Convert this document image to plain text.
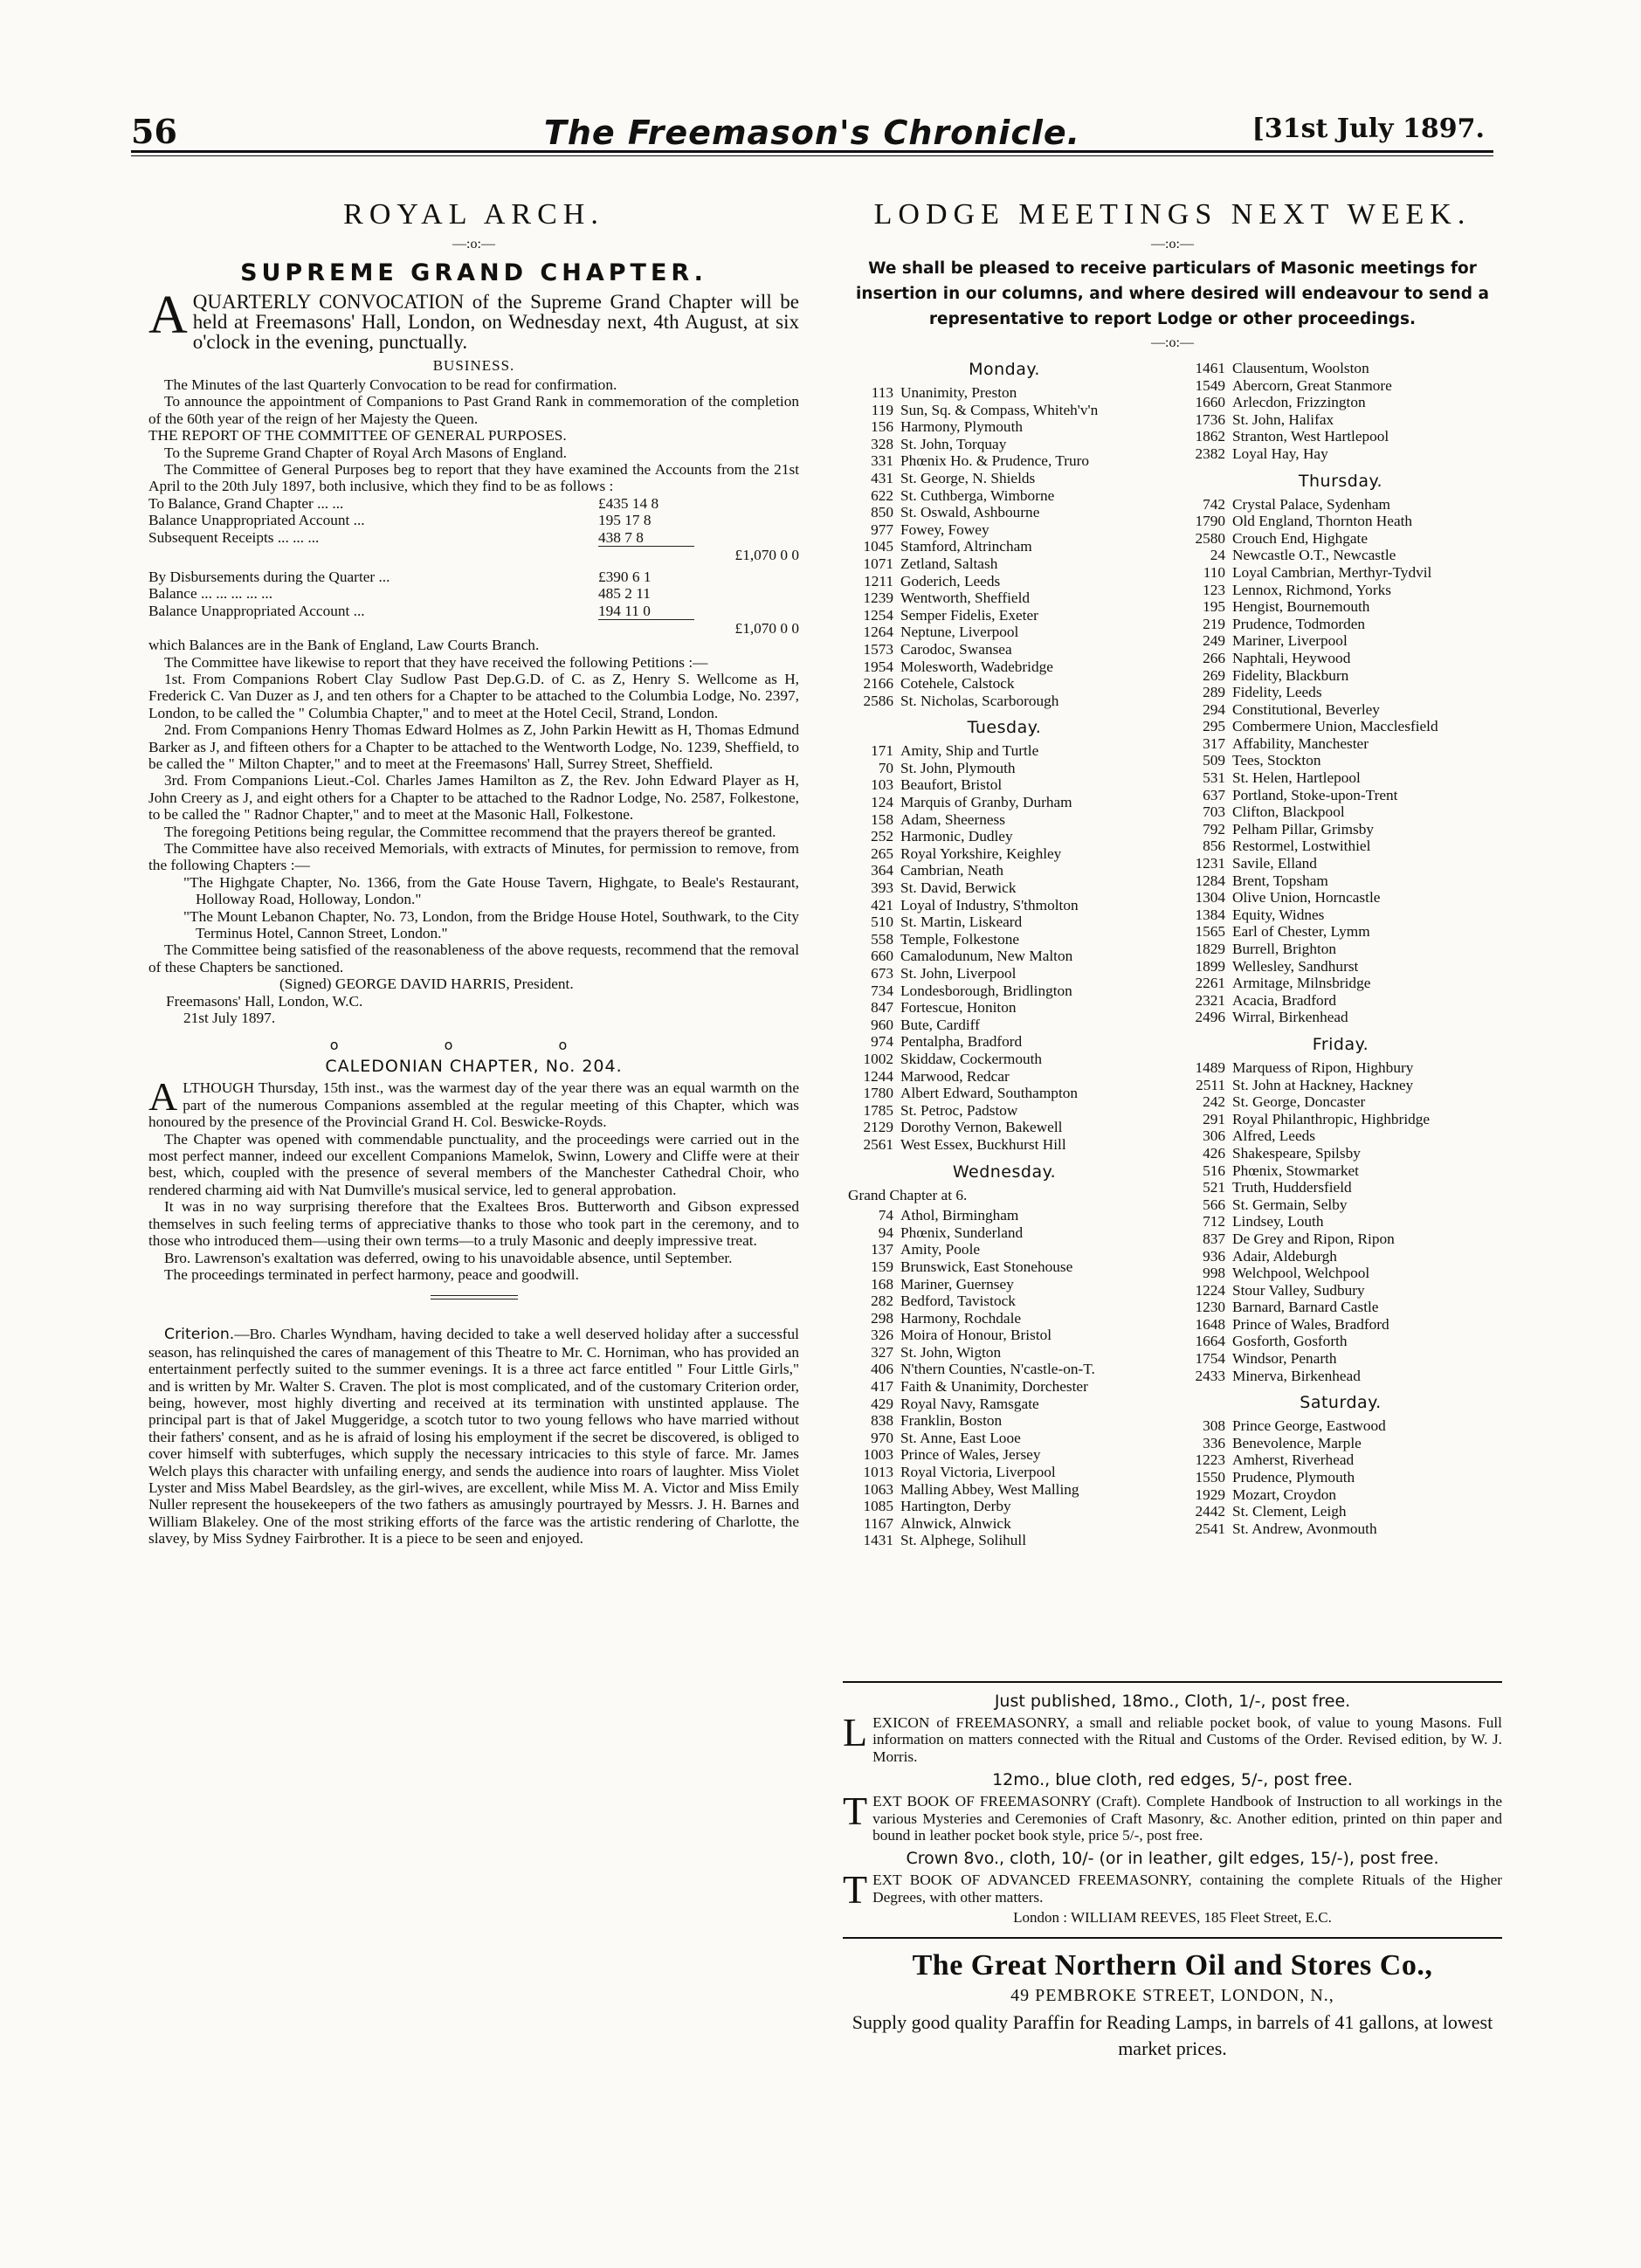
56	The Freemason's Chronicle.	[31st July 1897.
ROYAL ARCH.
—:o:—
SUPREME GRAND CHAPTER.

AQUARTERLY CONVOCATION of the Supreme Grand Chapter will be held at Freemasons' Hall, London, on Wednesday next, 4th August, at six o'clock in the evening, punctually.

BUSINESS.

The Minutes of the last Quarterly Convocation to be read for confirmation.

To announce the appointment of Companions to Past Grand Rank in commemoration of the completion of the 60th year of the reign of her Majesty the Queen.

THE REPORT OF THE COMMITTEE OF GENERAL PURPOSES.

To the Supreme Grand Chapter of Royal Arch Masons of England.

The Committee of General Purposes beg to report that they have examined the Accounts from the 21st April to the 20th July 1897, both inclusive, which they find to be as follows :

To Balance, Grand Chapter ... ...	£435 14 8	
Balance Unappropriated Account ...	195 17 8	
Subsequent Receipts ... ... ...	438 7 8	
		£1,070 0 0
By Disbursements during the Quarter ...	£390 6 1	
Balance ... ... ... ... ...	485 2 11	
Balance Unappropriated Account ...	194 11 0	
		£1,070 0 0

which Balances are in the Bank of England, Law Courts Branch.

The Committee have likewise to report that they have received the following Petitions :—

1st. From Companions Robert Clay Sudlow Past Dep.G.D. of C. as Z, Henry S. Wellcome as H, Frederick C. Van Duzer as J, and ten others for a Chapter to be attached to the Columbia Lodge, No. 2397, London, to be called the " Columbia Chapter," and to meet at the Hotel Cecil, Strand, London.

2nd. From Companions Henry Thomas Edward Holmes as Z, John Parkin Hewitt as H, Thomas Edmund Barker as J, and fifteen others for a Chapter to be attached to the Wentworth Lodge, No. 1239, Sheffield, to be called the " Milton Chapter," and to meet at the Freemasons' Hall, Surrey Street, Sheffield.

3rd. From Companions Lieut.-Col. Charles James Hamilton as Z, the Rev. John Edward Player as H, John Creery as J, and eight others for a Chapter to be attached to the Radnor Lodge, No. 2587, Folkestone, to be called the " Radnor Chapter," and to meet at the Masonic Hall, Folkestone.

The foregoing Petitions being regular, the Committee recommend that the prayers thereof be granted.

The Committee have also received Memorials, with extracts of Minutes, for permission to remove, from the following Chapters :—

"The Highgate Chapter, No. 1366, from the Gate House Tavern, Highgate, to Beale's Restaurant, Holloway Road, Holloway, London."

"The Mount Lebanon Chapter, No. 73, London, from the Bridge House Hotel, Southwark, to the City Terminus Hotel, Cannon Street, London."

The Committee being satisfied of the reasonableness of the above requests, recommend that the removal of these Chapters be sanctioned.

(Signed) GEORGE DAVID HARRIS, President.

Freemasons' Hall, London, W.C.

21st July 1897.

o o o
CALEDONIAN CHAPTER, No. 204.

ALTHOUGH Thursday, 15th inst., was the warmest day of the year there was an equal warmth on the part of the numerous Companions assembled at the regular meeting of this Chapter, which was honoured by the presence of the Provincial Grand H. Col. Beswicke-Royds.

The Chapter was opened with commendable punctuality, and the proceedings were carried out in the most perfect manner, indeed our excellent Companions Mamelok, Swinn, Lowery and Cliffe were at their best, which, coupled with the presence of several members of the Manchester Cathedral Choir, who rendered charming aid with Nat Dumville's musical service, led to general approbation.

It was in no way surprising therefore that the Exaltees Bros. Butterworth and Gibson expressed themselves in such feeling terms of appreciative thanks to those who took part in the ceremony, and to those who introduced them—using their own terms—to a truly Masonic and deeply impressive treat.

Bro. Lawrenson's exaltation was deferred, owing to his unavoidable absence, until September.

The proceedings terminated in perfect harmony, peace and goodwill.

Criterion.—Bro. Charles Wyndham, having decided to take a well deserved holiday after a successful season, has relinquished the cares of management of this Theatre to Mr. C. Horniman, who has provided an entertainment perfectly suited to the summer evenings. It is a three act farce entitled " Four Little Girls," and is written by Mr. Walter S. Craven. The plot is most complicated, and of the customary Criterion order, being, however, most highly diverting and received at its termination with unstinted applause. The principal part is that of Jakel Muggeridge, a scotch tutor to two young fellows who have married without their fathers' consent, and as he is afraid of losing his employment if the secret be discovered, is obliged to cover himself with subterfuges, which supply the necessary intricacies to this style of farce. Mr. James Welch plays this character with unfailing energy, and sends the audience into roars of laughter. Miss Violet Lyster and Miss Mabel Beardsley, as the girl-wives, are excellent, while Miss M. A. Victor and Miss Emily Nuller represent the housekeepers of the two fathers as amusingly pourtrayed by Messrs. J. H. Barnes and William Blakeley. One of the most striking efforts of the farce was the artistic rendering of Charlotte, the slavey, by Miss Sydney Fairbrother. It is a piece to be seen and enjoyed.

LODGE MEETINGS NEXT WEEK.
—:o:—

We shall be pleased to receive particulars of Masonic meetings for insertion in our columns, and where desired will endeavour to send a representative to report Lodge or other proceedings.

—:o:—
Monday.
113 Unanimity, Preston
119 Sun, Sq. & Compass, Whiteh'v'n
156 Harmony, Plymouth
328 St. John, Torquay
331 Phœnix Ho. & Prudence, Truro
431 St. George, N. Shields
622 St. Cuthberga, Wimborne
850 St. Oswald, Ashbourne
977 Fowey, Fowey
1045 Stamford, Altrincham
1071 Zetland, Saltash
1211 Goderich, Leeds
1239 Wentworth, Sheffield
1254 Semper Fidelis, Exeter
1264 Neptune, Liverpool
1573 Carodoc, Swansea
1954 Molesworth, Wadebridge
2166 Cotehele, Calstock
2586 St. Nicholas, Scarborough
Tuesday.
171 Amity, Ship and Turtle
70 St. John, Plymouth
103 Beaufort, Bristol
124 Marquis of Granby, Durham
158 Adam, Sheerness
252 Harmonic, Dudley
265 Royal Yorkshire, Keighley
364 Cambrian, Neath
393 St. David, Berwick
421 Loyal of Industry, S'thmolton
510 St. Martin, Liskeard
558 Temple, Folkestone
660 Camalodunum, New Malton
673 St. John, Liverpool
734 Londesborough, Bridlington
847 Fortescue, Honiton
960 Bute, Cardiff
974 Pentalpha, Bradford
1002 Skiddaw, Cockermouth
1244 Marwood, Redcar
1780 Albert Edward, Southampton
1785 St. Petroc, Padstow
2129 Dorothy Vernon, Bakewell
2561 West Essex, Buckhurst Hill
Wednesday.
Grand Chapter at 6.
74 Athol, Birmingham
94 Phœnix, Sunderland
137 Amity, Poole
159 Brunswick, East Stonehouse
168 Mariner, Guernsey
282 Bedford, Tavistock
298 Harmony, Rochdale
326 Moira of Honour, Bristol
327 St. John, Wigton
406 N'thern Counties, N'castle-on-T.
417 Faith & Unanimity, Dorchester
429 Royal Navy, Ramsgate
838 Franklin, Boston
970 St. Anne, East Looe
1003 Prince of Wales, Jersey
1013 Royal Victoria, Liverpool
1063 Malling Abbey, West Malling
1085 Hartington, Derby
1167 Alnwick, Alnwick
1431 St. Alphege, Solihull
1461 Clausentum, Woolston
1549 Abercorn, Great Stanmore
1660 Arlecdon, Frizzington
1736 St. John, Halifax
1862 Stranton, West Hartlepool
2382 Loyal Hay, Hay
Thursday.
742 Crystal Palace, Sydenham
1790 Old England, Thornton Heath
2580 Crouch End, Highgate
24 Newcastle O.T., Newcastle
110 Loyal Cambrian, Merthyr-Tydvil
123 Lennox, Richmond, Yorks
195 Hengist, Bournemouth
219 Prudence, Todmorden
249 Mariner, Liverpool
266 Naphtali, Heywood
269 Fidelity, Blackburn
289 Fidelity, Leeds
294 Constitutional, Beverley
295 Combermere Union, Macclesfield
317 Affability, Manchester
509 Tees, Stockton
531 St. Helen, Hartlepool
637 Portland, Stoke-upon-Trent
703 Clifton, Blackpool
792 Pelham Pillar, Grimsby
856 Restormel, Lostwithiel
1231 Savile, Elland
1284 Brent, Topsham
1304 Olive Union, Horncastle
1384 Equity, Widnes
1565 Earl of Chester, Lymm
1829 Burrell, Brighton
1899 Wellesley, Sandhurst
2261 Armitage, Milnsbridge
2321 Acacia, Bradford
2496 Wirral, Birkenhead
Friday.
1489 Marquess of Ripon, Highbury
2511 St. John at Hackney, Hackney
242 St. George, Doncaster
291 Royal Philanthropic, Highbridge
306 Alfred, Leeds
426 Shakespeare, Spilsby
516 Phœnix, Stowmarket
521 Truth, Huddersfield
566 St. Germain, Selby
712 Lindsey, Louth
837 De Grey and Ripon, Ripon
936 Adair, Aldeburgh
998 Welchpool, Welchpool
1224 Stour Valley, Sudbury
1230 Barnard, Barnard Castle
1648 Prince of Wales, Bradford
1664 Gosforth, Gosforth
1754 Windsor, Penarth
2433 Minerva, Birkenhead
Saturday.
308 Prince George, Eastwood
336 Benevolence, Marple
1223 Amherst, Riverhead
1550 Prudence, Plymouth
1929 Mozart, Croydon
2442 St. Clement, Leigh
2541 St. Andrew, Avonmouth
Just published, 18mo., Cloth, 1/-, post free.

LEXICON of FREEMASONRY, a small and reliable pocket book, of value to young Masons. Full information on matters connected with the Ritual and Customs of the Order. Revised edition, by W. J. Morris.

12mo., blue cloth, red edges, 5/-, post free.

TEXT BOOK OF FREEMASONRY (Craft). Complete Handbook of Instruction to all workings in the various Mysteries and Ceremonies of Craft Masonry, &c. Another edition, printed on thin paper and bound in leather pocket book style, price 5/-, post free.

Crown 8vo., cloth, 10/- (or in leather, gilt edges, 15/-), post free.

TEXT BOOK OF ADVANCED FREEMASONRY, containing the complete Rituals of the Higher Degrees, with other matters.

London : WILLIAM REEVES, 185 Fleet Street, E.C.
The Great Northern Oil and Stores Co.,
49 PEMBROKE STREET, LONDON, N.,

Supply good quality Paraffin for Reading Lamps, in barrels of 41 gallons, at lowest market prices.
